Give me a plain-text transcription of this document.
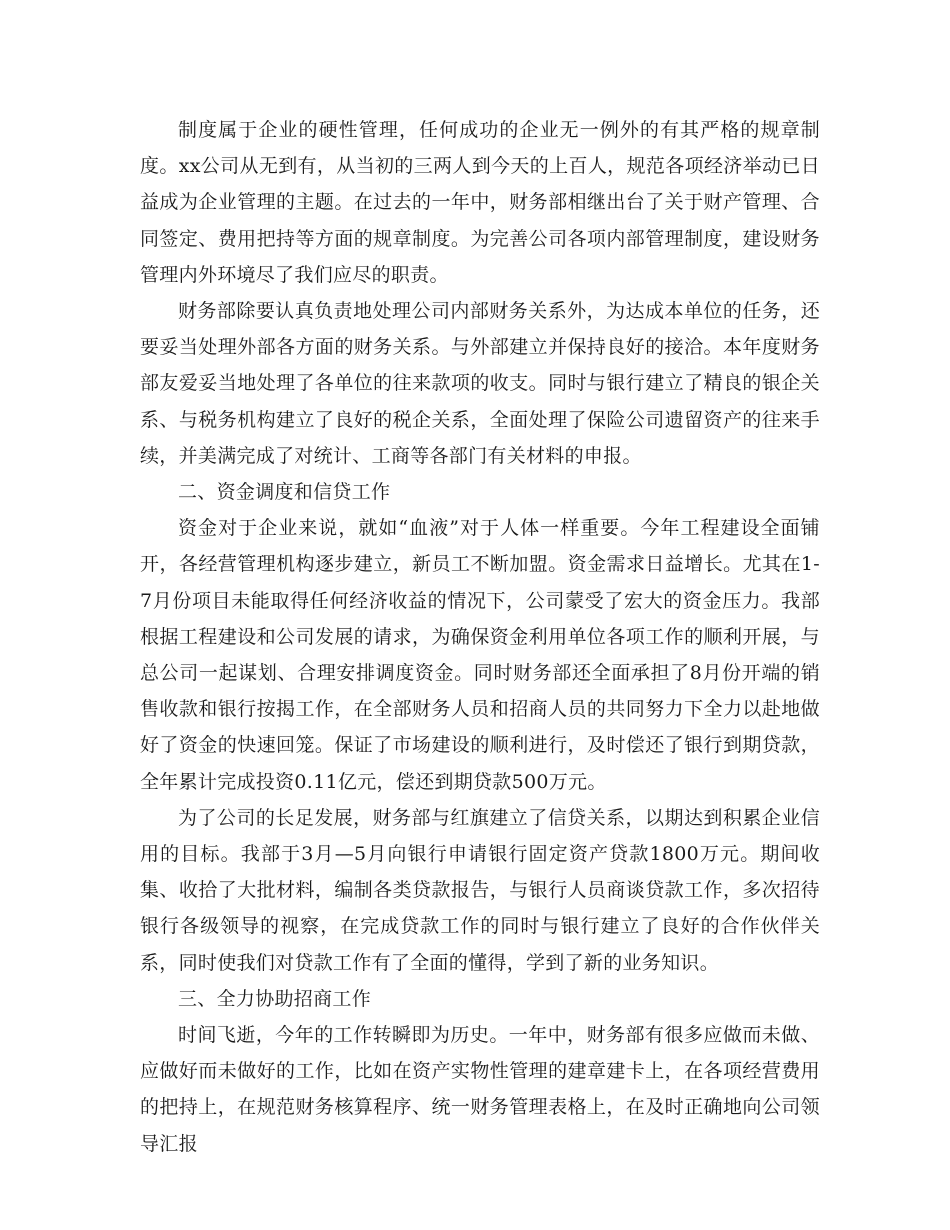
制度属于企业的硬性管理，任何成功的企业无一例外的有其严格的规章制度。xx公司从无到有，从当初的三两人到今天的上百人，规范各项经济举动已日益成为企业管理的主题。在过去的一年中，财务部相继出台了关于财产管理、合同签定、费用把持等方面的规章制度。为完善公司各项内部管理制度，建设财务管理内外环境尽了我们应尽的职责。

财务部除要认真负责地处理公司内部财务关系外，为达成本单位的任务，还要妥当处理外部各方面的财务关系。与外部建立并保持良好的接洽。本年度财务部友爱妥当地处理了各单位的往来款项的收支。同时与银行建立了精良的银企关系、与税务机构建立了良好的税企关系，全面处理了保险公司遗留资产的往来手续，并美满完成了对统计、工商等各部门有关材料的申报。

二、资金调度和信贷工作

资金对于企业来说，就如“血液”对于人体一样重要。今年工程建设全面铺开，各经营管理机构逐步建立，新员工不断加盟。资金需求日益增长。尤其在1-7月份项目未能取得任何经济收益的情况下，公司蒙受了宏大的资金压力。我部根据工程建设和公司发展的请求，为确保资金利用单位各项工作的顺利开展，与总公司一起谋划、合理安排调度资金。同时财务部还全面承担了8月份开端的销售收款和银行按揭工作，在全部财务人员和招商人员的共同努力下全力以赴地做好了资金的快速回笼。保证了市场建设的顺利进行，及时偿还了银行到期贷款，全年累计完成投资0.11亿元，偿还到期贷款500万元。

为了公司的长足发展，财务部与红旗建立了信贷关系，以期达到积累企业信用的目标。我部于3月—5月向银行申请银行固定资产贷款1800万元。期间收集、收拾了大批材料，编制各类贷款报告，与银行人员商谈贷款工作，多次招待银行各级领导的视察，在完成贷款工作的同时与银行建立了良好的合作伙伴关系，同时使我们对贷款工作有了全面的懂得，学到了新的业务知识。

三、全力协助招商工作

时间飞逝，今年的工作转瞬即为历史。一年中，财务部有很多应做而未做、应做好而未做好的工作，比如在资产实物性管理的建章建卡上，在各项经营费用的把持上，在规范财务核算程序、统一财务管理表格上，在及时正确地向公司领导汇报
